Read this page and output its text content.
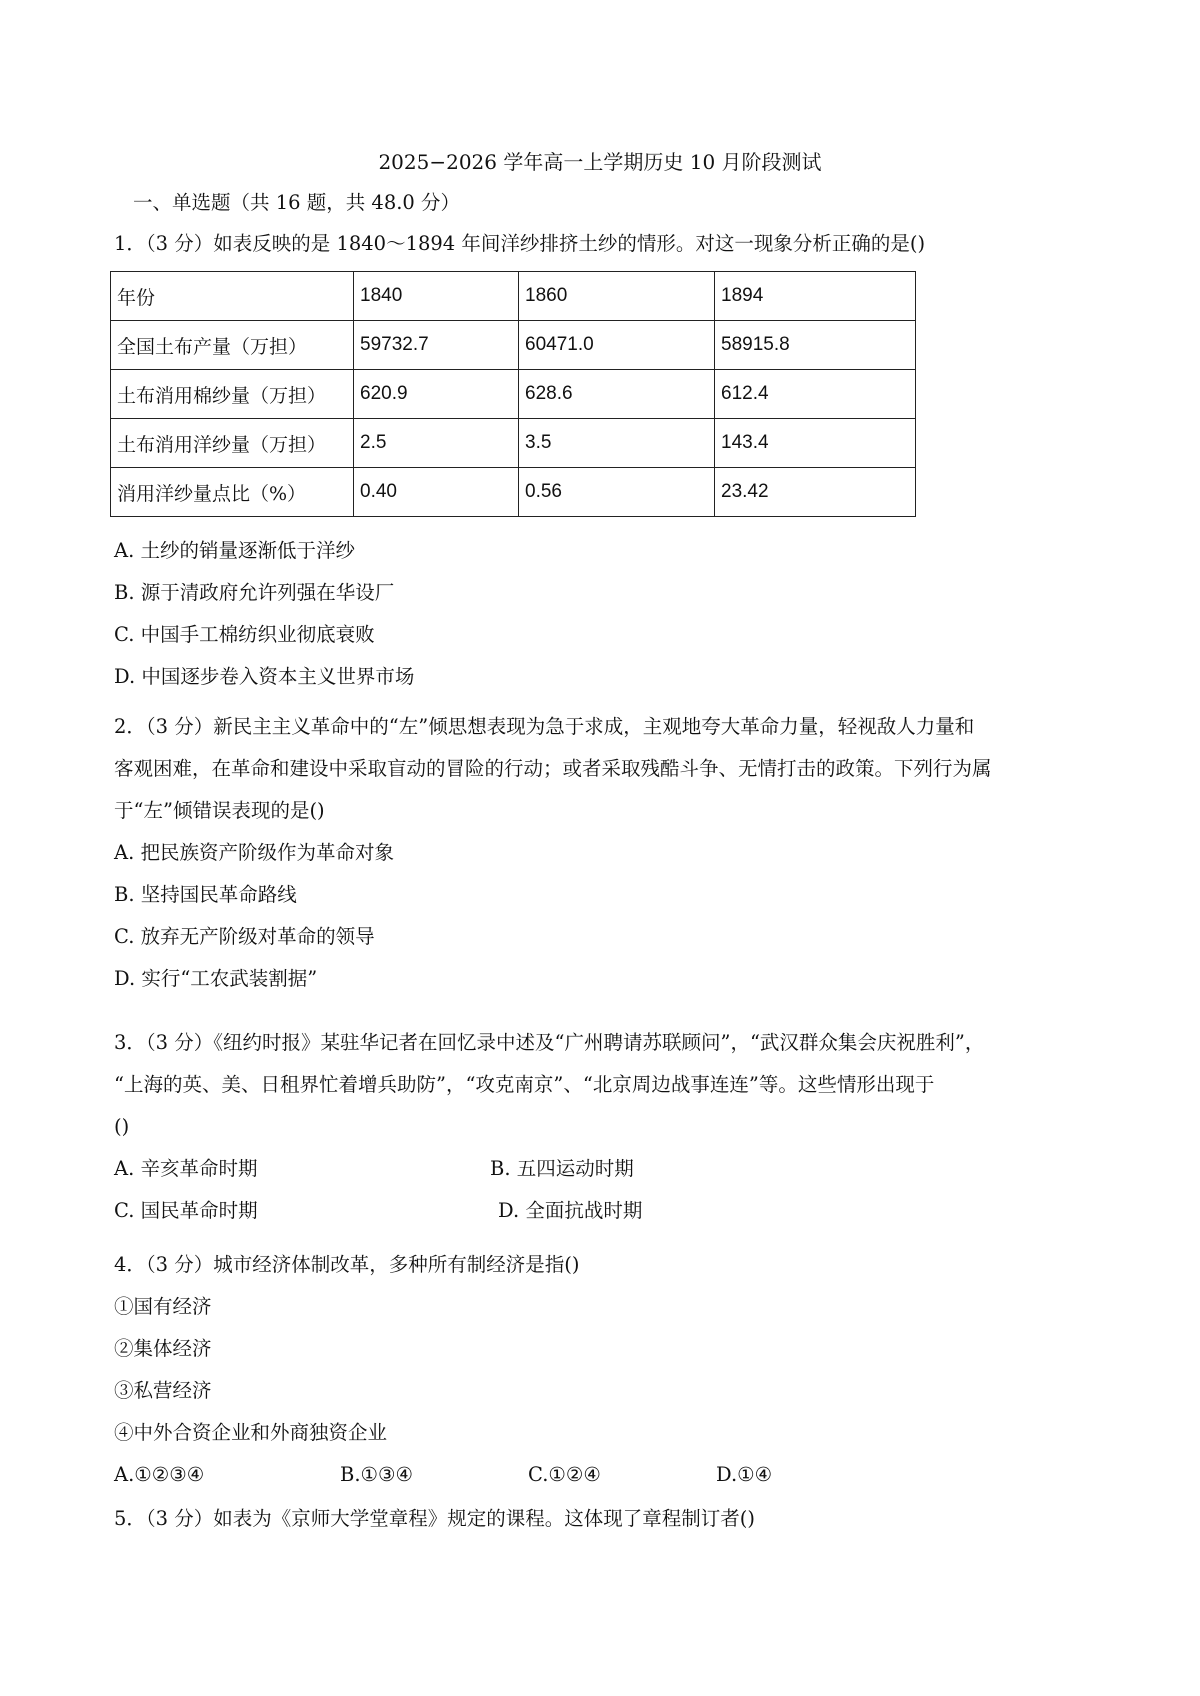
2025−2026 学年高一上学期历史 10 月阶段测试
一、单选题（共 16 题，共 48.0 分）
1．（3 分）如表反映的是 1840～1894 年间洋纱排挤土纱的情形。对这一现象分析正确的是()
年份	1840	1860	1894
全国土布产量（万担）	59732.7	60471.0	58915.8
土布消用棉纱量（万担）	620.9	628.6	612.4
土布消用洋纱量（万担）	2.5	3.5	143.4
消用洋纱量点比（%）	0.40	0.56	23.42
A. 土纱的销量逐渐低于洋纱
B. 源于清政府允许列强在华设厂
C. 中国手工棉纺织业彻底衰败
D. 中国逐步卷入资本主义世界市场
2．（3 分）新民主主义革命中的“左”倾思想表现为急于求成，主观地夸大革命力量，轻视敌人力量和
客观困难，在革命和建设中采取盲动的冒险的行动；或者采取残酷斗争、无情打击的政策。下列行为属
于“左”倾错误表现的是()
A. 把民族资产阶级作为革命对象
B. 坚持国民革命路线
C. 放弃无产阶级对革命的领导
D. 实行“工农武装割据”
3．（3 分）《纽约时报》某驻华记者在回忆录中述及“广州聘请苏联顾问”，“武汉群众集会庆祝胜利”，
“上海的英、美、日租界忙着增兵助防”，“攻克南京”、“北京周边战事连连”等。这些情形出现于
()
A. 辛亥革命时期	B. 五四运动时期
C. 国民革命时期	D. 全面抗战时期
4．（3 分）城市经济体制改革，多种所有制经济是指()
①国有经济
②集体经济
③私营经济
④中外合资企业和外商独资企业
A.①②③④	B.①③④	C.①②④	D.①④
5．（3 分）如表为《京师大学堂章程》规定的课程。这体现了章程制订者()
